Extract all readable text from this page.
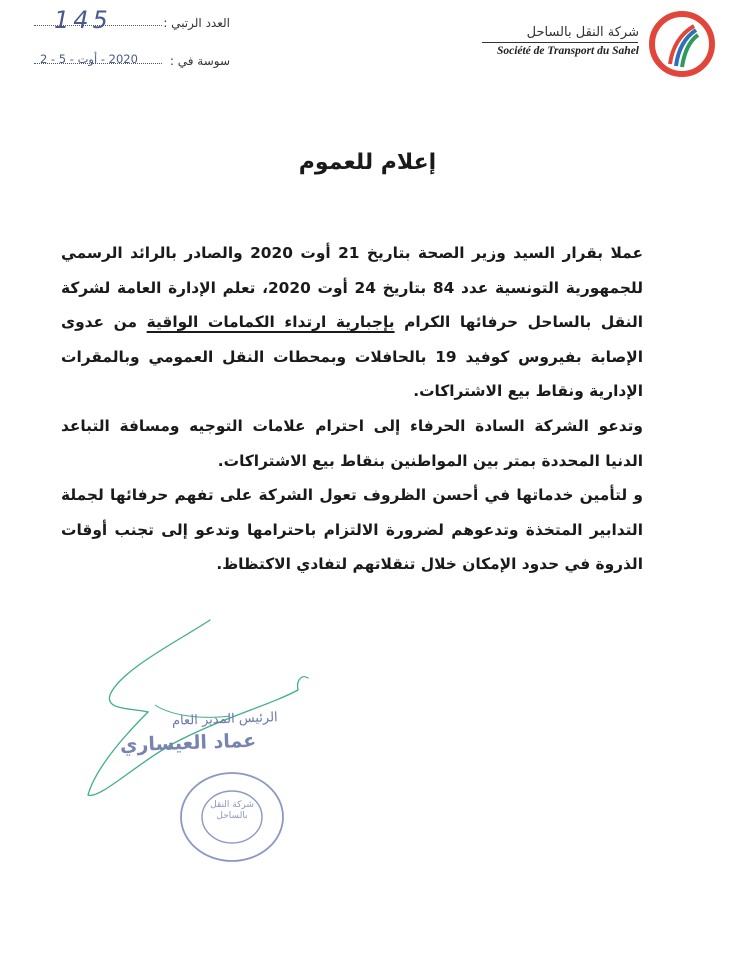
شركة النقل بالساحل
Société de Transport du Sahel
العدد الرتبي :
145
سوسة في :
2020 - أوت - 5 - 2
إعلام للعموم

عملا بقرار السيد وزير الصحة بتاريخ 21 أوت 2020 والصادر بالرائد الرسمي للجمهورية التونسية عدد 84 بتاريخ 24 أوت 2020، تعلم الإدارة العامة لشركة النقل بالساحل حرفائها الكرام بإجبارية ارتداء الكمامات الواقية من عدوى الإصابة بفيروس كوفيد 19 بالحافلات وبمحطات النقل العمومي وبالمقرات الإدارية ونقاط بيع الاشتراكات.

وتدعو الشركة السادة الحرفاء إلى احترام علامات التوجيه ومسافة التباعد الدنيا المحددة بمتر بين المواطنين بنقاط بيع الاشتراكات.

و لتأمين خدماتها في أحسن الظروف تعول الشركة على تفهم حرفائها لجملة التدابير المتخذة وتدعوهم لضرورة الالتزام باحترامها وتدعو إلى تجنب أوقات الذروة في حدود الإمكان خلال تنقلاتهم لتفادي الاكتظاظ.

الرئيس المدير العام
عماد العيساري
شركة النقل بالساحل
